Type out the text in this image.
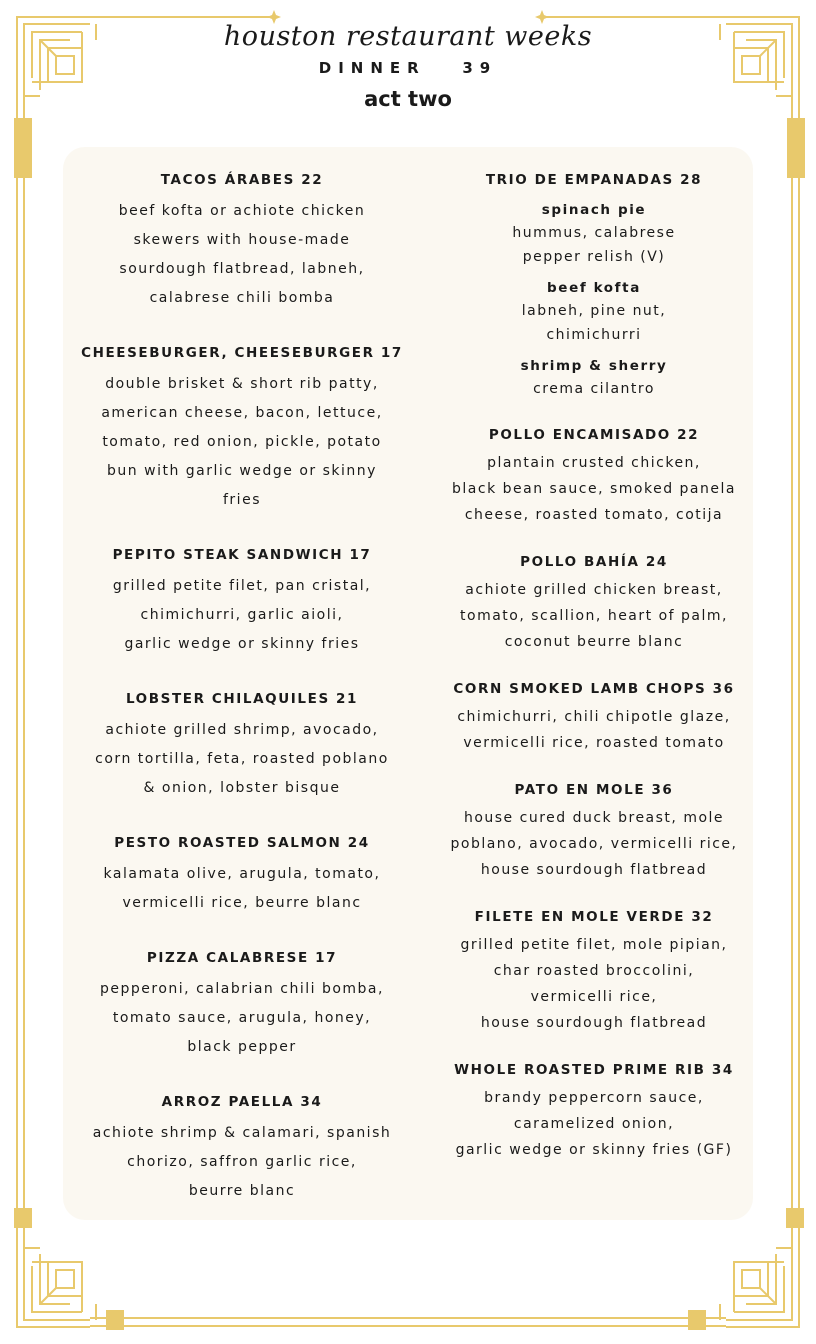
houston restaurant weeks
DINNER   39
act two

TACOS ÁRABES 22

beef kofta or achiote chicken
skewers with house-made
sourdough flatbread, labneh,
calabrese chili bomba

CHEESEBURGER, CHEESEBURGER 17

double brisket & short rib patty,
american cheese, bacon, lettuce,
tomato, red onion, pickle, potato
bun with garlic wedge or skinny
fries

PEPITO STEAK SANDWICH 17

grilled petite filet, pan cristal,
chimichurri, garlic aioli,
garlic wedge or skinny fries

LOBSTER CHILAQUILES 21

achiote grilled shrimp, avocado,
corn tortilla, feta, roasted poblano
& onion, lobster bisque

PESTO ROASTED SALMON 24

kalamata olive, arugula, tomato,
vermicelli rice, beurre blanc

PIZZA CALABRESE 17

pepperoni, calabrian chili bomba,
tomato sauce, arugula, honey,
black pepper

ARROZ PAELLA 34

achiote shrimp & calamari, spanish
chorizo, saffron garlic rice,
beurre blanc

TRIO DE EMPANADAS 28

spinach pie
hummus, calabrese
pepper relish (V)
beef kofta
labneh, pine nut,
chimichurri
shrimp & sherry
crema cilantro

POLLO ENCAMISADO 22

plantain crusted chicken,
black bean sauce, smoked panela
cheese, roasted tomato, cotija

POLLO BAHÍA 24

achiote grilled chicken breast,
tomato, scallion, heart of palm,
coconut beurre blanc

CORN SMOKED LAMB CHOPS 36

chimichurri, chili chipotle glaze,
vermicelli rice, roasted tomato

PATO EN MOLE 36

house cured duck breast, mole
poblano, avocado, vermicelli rice,
house sourdough flatbread

FILETE EN MOLE VERDE 32

grilled petite filet, mole pipian,
char roasted broccolini,
vermicelli rice,
house sourdough flatbread

WHOLE ROASTED PRIME RIB 34

brandy peppercorn sauce,
caramelized onion,
garlic wedge or skinny fries (GF)
